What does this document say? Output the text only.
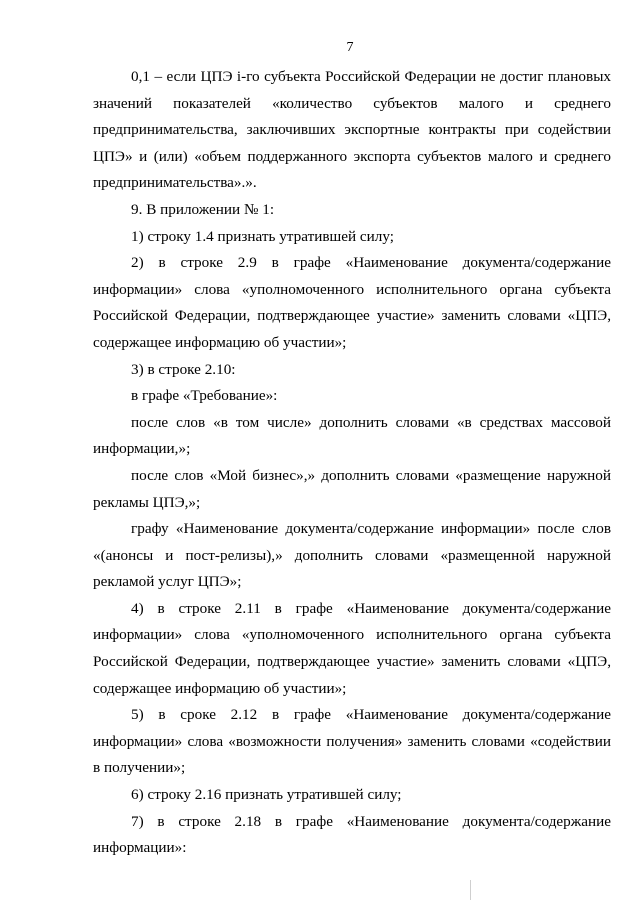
7

0,1 – если ЦПЭ i-го субъекта Российской Федерации не достиг плановых значений показателей «количество субъектов малого и среднего предпринимательства, заключивших экспортные контракты при содействии ЦПЭ» и (или) «объем поддержанного экспорта субъектов малого и среднего предпринимательства».».

9. В приложении № 1:

1) строку 1.4 признать утратившей силу;

2) в строке 2.9 в графе «Наименование документа/содержание информации» слова «уполномоченного исполнительного органа субъекта Российской Федерации, подтверждающее участие» заменить словами «ЦПЭ, содержащее информацию об участии»;

3) в строке 2.10:

в графе «Требование»:

после слов «в том числе» дополнить словами «в средствах массовой информации,»;

после слов «Мой бизнес»,» дополнить словами «размещение наружной рекламы ЦПЭ,»;

графу «Наименование документа/содержание информации» после слов «(анонсы и пост-релизы),» дополнить словами «размещенной наружной рекламой услуг ЦПЭ»;

4) в строке 2.11 в графе «Наименование документа/содержание информации» слова «уполномоченного исполнительного органа субъекта Российской Федерации, подтверждающее участие» заменить словами «ЦПЭ, содержащее информацию об участии»;

5) в сроке 2.12 в графе «Наименование документа/содержание информации» слова «возможности получения» заменить словами «содействии в получении»;

6) строку 2.16 признать утратившей силу;

7) в строке 2.18 в графе «Наименование документа/содержание информации»:
